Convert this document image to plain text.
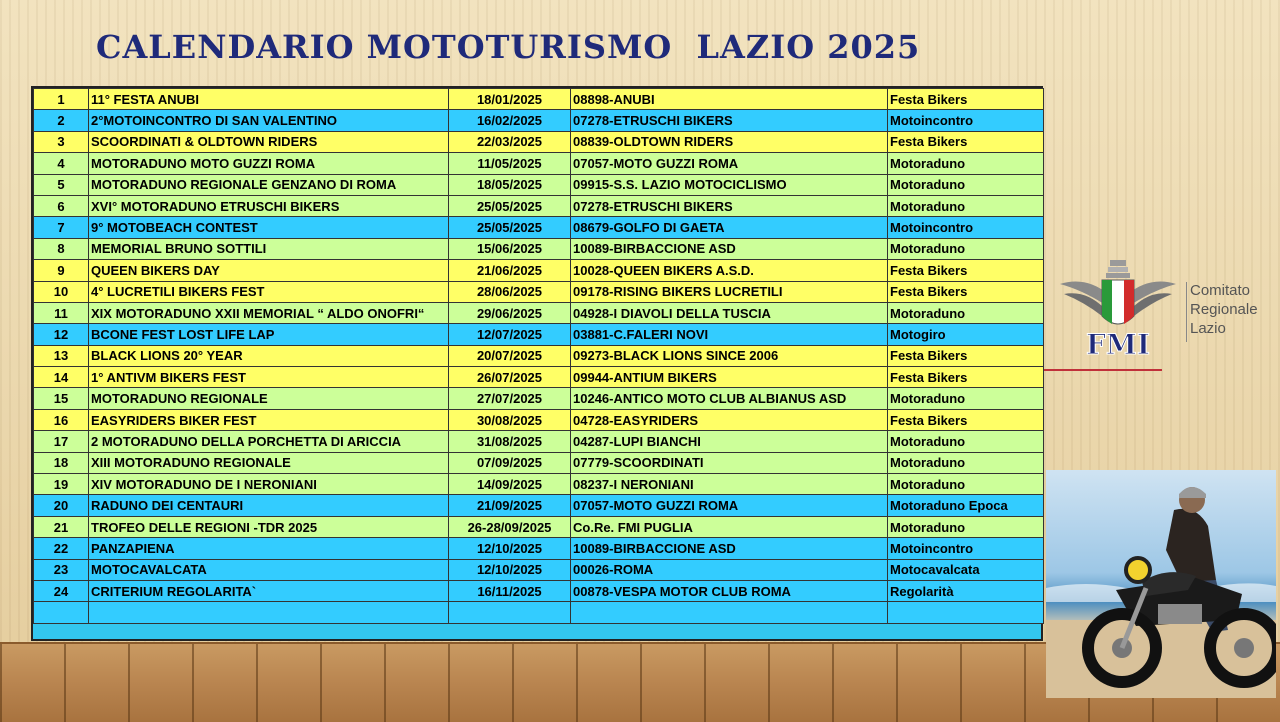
CALENDARIO MOTOTURISMO  LAZIO 2025
1	11° FESTA ANUBI	18/01/2025	08898-ANUBI	Festa Bikers
2	2°MOTOINCONTRO DI SAN VALENTINO	16/02/2025	07278-ETRUSCHI BIKERS	Motoincontro
3	SCOORDINATI & OLDTOWN RIDERS	22/03/2025	08839-OLDTOWN RIDERS	Festa Bikers
4	MOTORADUNO MOTO GUZZI ROMA	11/05/2025	07057-MOTO GUZZI ROMA	Motoraduno
5	MOTORADUNO REGIONALE GENZANO DI ROMA	18/05/2025	09915-S.S. LAZIO MOTOCICLISMO	Motoraduno
6	XVI° MOTORADUNO ETRUSCHI BIKERS	25/05/2025	07278-ETRUSCHI BIKERS	Motoraduno
7	9° MOTOBEACH CONTEST	25/05/2025	08679-GOLFO DI GAETA	Motoincontro
8	MEMORIAL BRUNO SOTTILI	15/06/2025	10089-BIRBACCIONE ASD	Motoraduno
9	QUEEN BIKERS DAY	21/06/2025	10028-QUEEN BIKERS A.S.D.	Festa Bikers
10	4° LUCRETILI BIKERS FEST	28/06/2025	09178-RISING BIKERS LUCRETILI	Festa Bikers
11	XIX MOTORADUNO XXII MEMORIAL “ ALDO ONOFRI“	29/06/2025	04928-I DIAVOLI DELLA TUSCIA	Motoraduno
12	BCONE FEST LOST LIFE LAP	12/07/2025	03881-C.FALERI NOVI	Motogiro
13	BLACK LIONS 20° YEAR	20/07/2025	09273-BLACK LIONS SINCE 2006	Festa Bikers
14	1° ANTIVM BIKERS FEST	26/07/2025	09944-ANTIUM BIKERS	Festa Bikers
15	MOTORADUNO REGIONALE	27/07/2025	10246-ANTICO MOTO CLUB ALBIANUS ASD	Motoraduno
16	EASYRIDERS BIKER FEST	30/08/2025	04728-EASYRIDERS	Festa Bikers
17	2 MOTORADUNO DELLA PORCHETTA DI ARICCIA	31/08/2025	04287-LUPI BIANCHI	Motoraduno
18	XIII MOTORADUNO REGIONALE	07/09/2025	07779-SCOORDINATI	Motoraduno
19	XIV MOTORADUNO DE I NERONIANI	14/09/2025	08237-I NERONIANI	Motoraduno
20	RADUNO DEI CENTAURI	21/09/2025	07057-MOTO GUZZI ROMA	Motoraduno Epoca
21	TROFEO DELLE REGIONI -TDR 2025	26-28/09/2025	Co.Re. FMI PUGLIA	Motoraduno
22	PANZAPIENA	12/10/2025	10089-BIRBACCIONE ASD	Motoincontro
23	MOTOCAVALCATA	12/10/2025	00026-ROMA	Motocavalcata
24	CRITERIUM REGOLARITA`	16/11/2025	00878-VESPA MOTOR CLUB ROMA	Regolarità

FMI
Comitato
Regionale
Lazio
